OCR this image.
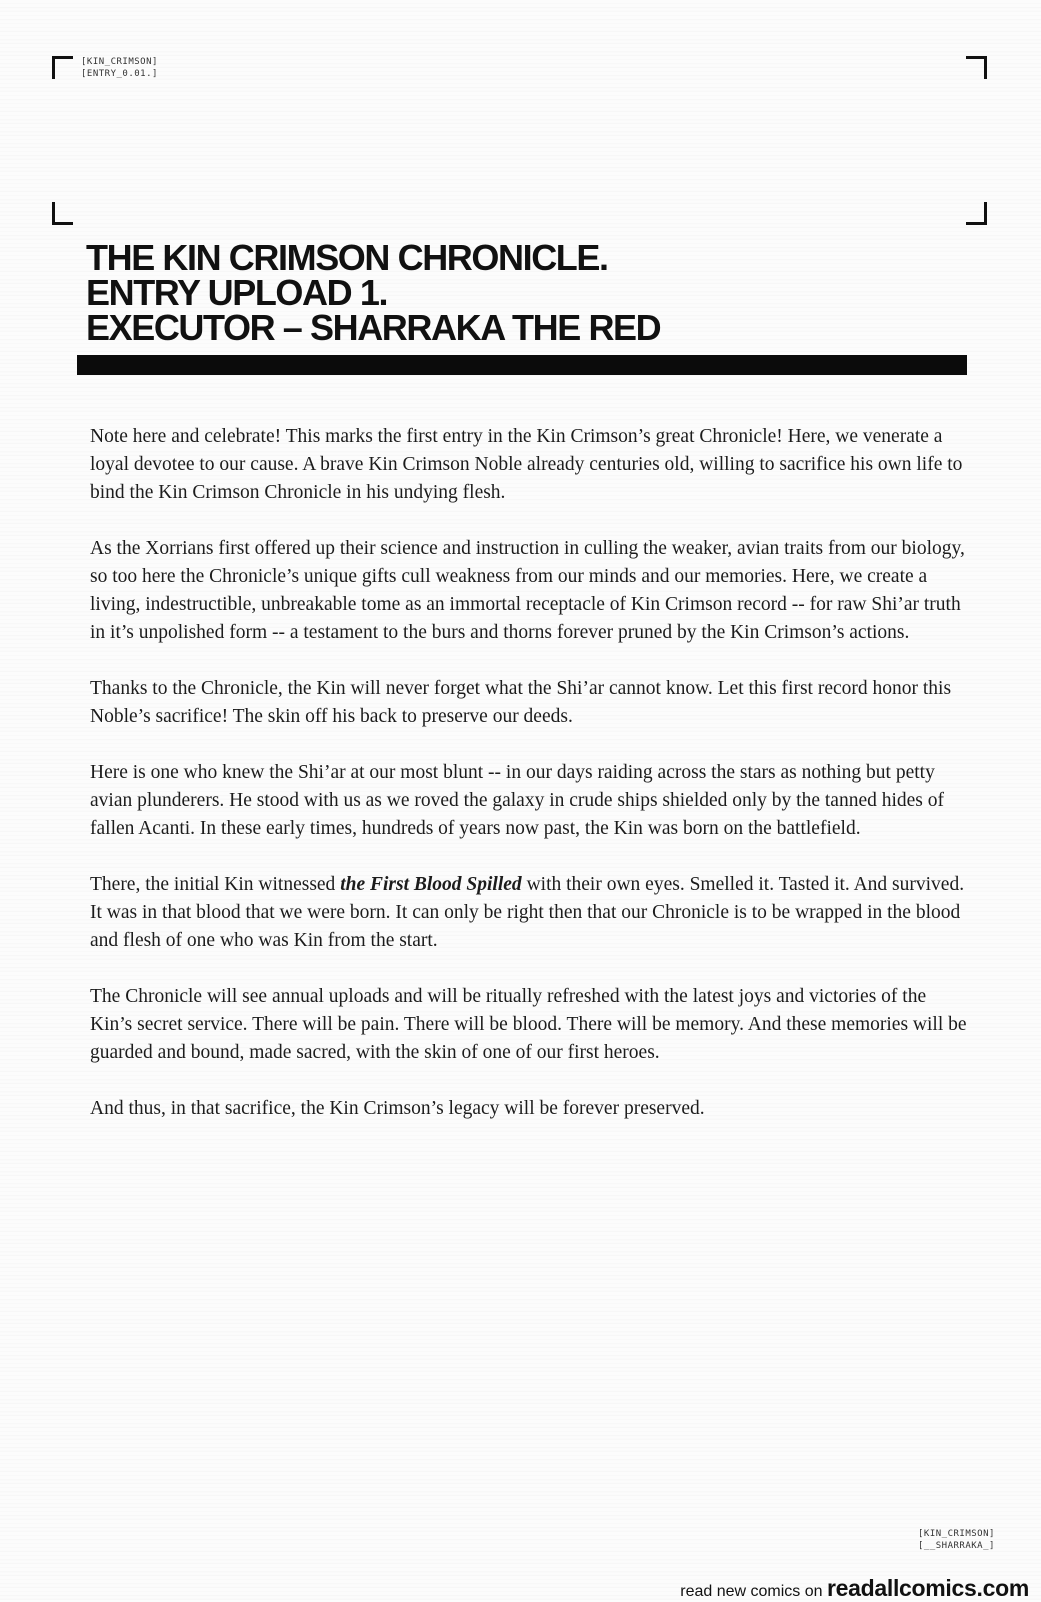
[KIN_CRIMSON]
[ENTRY_0.01.]
THE KIN CRIMSON CHRONICLE.
ENTRY UPLOAD 1.
EXECUTOR – SHARRAKA THE RED

Note here and celebrate! This marks the first entry in the Kin Crimson’s great Chronicle! Here, we venerate a loyal devotee to our cause. A brave Kin Crimson Noble already centuries old, willing to sacrifice his own life to bind the Kin Crimson Chronicle in his undying flesh.

As the Xorrians first offered up their science and instruction in culling the weaker, avian traits from our biology, so too here the Chronicle’s unique gifts cull weakness from our minds and our memories. Here, we create a living, indestructible, unbreakable tome as an immortal receptacle of Kin Crimson record -- for raw Shi’ar truth in it’s unpolished form -- a testament to the burs and thorns forever pruned by the Kin Crimson’s actions.

Thanks to the Chronicle, the Kin will never forget what the Shi’ar cannot know. Let this first record honor this Noble’s sacrifice! The skin off his back to preserve our deeds.

Here is one who knew the Shi’ar at our most blunt -- in our days raiding across the stars as nothing but petty avian plunderers. He stood with us as we roved the galaxy in crude ships shielded only by the tanned hides of fallen Acanti. In these early times, hundreds of years now past, the Kin was born on the battlefield.

There, the initial Kin witnessed the First Blood Spilled with their own eyes. Smelled it. Tasted it. And survived. It was in that blood that we were born. It can only be right then that our Chronicle is to be wrapped in the blood and flesh of one who was Kin from the start.

The Chronicle will see annual uploads and will be ritually refreshed with the latest joys and victories of the Kin’s secret service. There will be pain. There will be blood. There will be memory. And these memories will be guarded and bound, made sacred, with the skin of one of our first heroes.

And thus, in that sacrifice, the Kin Crimson’s legacy will be forever preserved.

[KIN_CRIMSON]
[__SHARRAKA_]
read new comics on readallcomics.com
